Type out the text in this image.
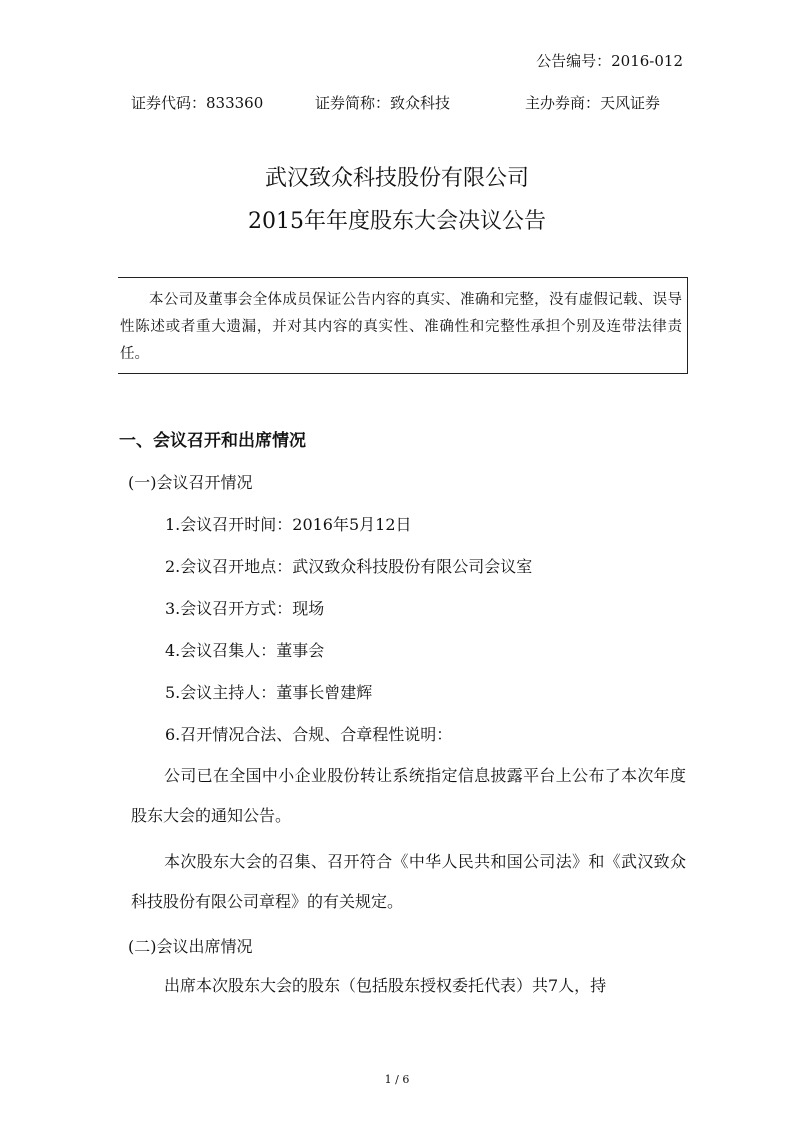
公告编号：2016-012
证券代码：833360	证券简称：致众科技	主办券商：天风证券
武汉致众科技股份有限公司
2015年年度股东大会决议公告
本公司及董事会全体成员保证公告内容的真实、准确和完整，没有虚假记载、误导性陈述或者重大遗漏，并对其内容的真实性、准确性和完整性承担个别及连带法律责任。
一、会议召开和出席情况
(一)会议召开情况
1.会议召开时间：2016年5月12日
2.会议召开地点：武汉致众科技股份有限公司会议室
3.会议召开方式：现场
4.会议召集人：董事会
5.会议主持人：董事长曾建辉
6.召开情况合法、合规、合章程性说明：
公司已在全国中小企业股份转让系统指定信息披露平台上公布了本次年度股东大会的通知公告。
本次股东大会的召集、召开符合《中华人民共和国公司法》和《武汉致众科技股份有限公司章程》的有关规定。
(二)会议出席情况
出席本次股东大会的股东（包括股东授权委托代表）共7人，持
1 / 6
